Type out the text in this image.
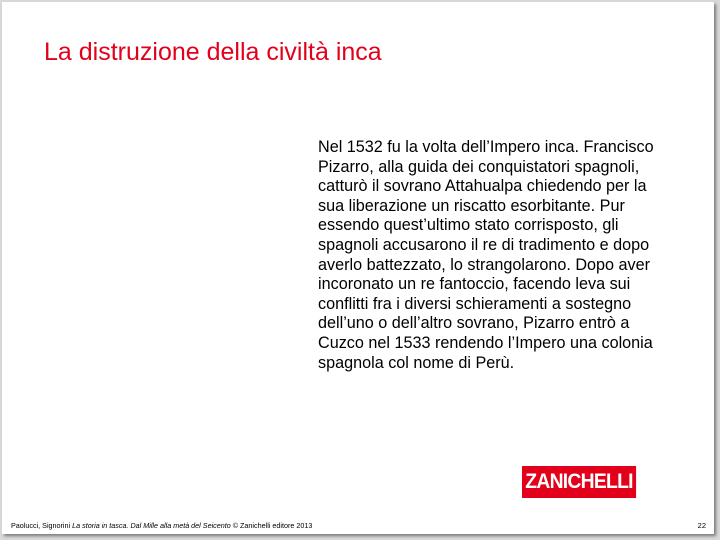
La distruzione della civiltà inca
Nel 1532 fu la volta dell’Impero inca. Francisco Pizarro, alla guida dei conquistatori spagnoli, catturò il sovrano Attahualpa chiedendo per la sua liberazione un riscatto esorbitante. Pur essendo quest’ultimo stato corrisposto, gli spagnoli accusarono il re di tradimento e dopo averlo battezzato, lo strangolarono. Dopo aver incoronato un re fantoccio, facendo leva sui conflitti fra i diversi schieramenti a sostegno dell’uno o dell’altro sovrano, Pizarro entrò a Cuzco nel 1533 rendendo l’Impero una colonia spagnola col nome di Perù.
ZANICHELLI
Paolucci, Signorini La storia in tasca. Dal Mille alla metà del Seicento © Zanichelli editore 2013	22
